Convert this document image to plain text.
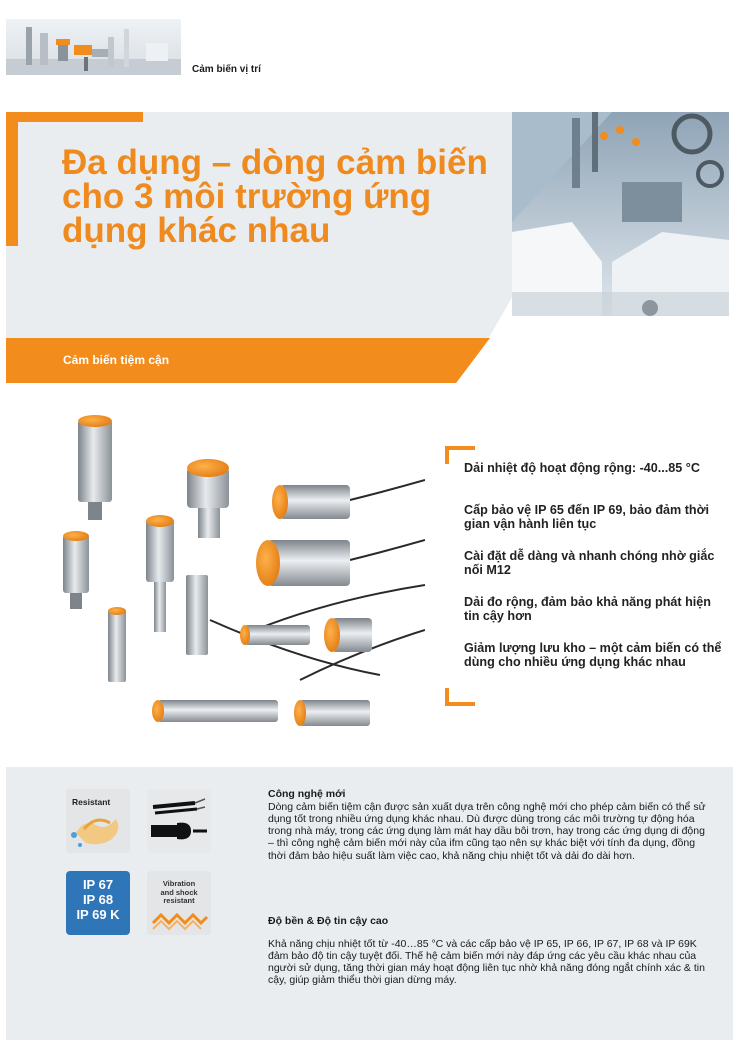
Cảm biến vị trí
Đa dụng – dòng cảm biến cho 3 môi trường ứng dụng khác nhau
Cảm biến tiệm cận
Dải nhiệt độ hoạt động rộng: -40...85 °C
Cấp bảo vệ IP 65 đến IP 69, bảo đảm thời gian vận hành liên tục
Cài đặt dễ dàng và nhanh chóng nhờ giắc nối M12
Dải đo rộng, đảm bảo khả năng phát hiện tin cậy hơn
Giảm lượng lưu kho – một cảm biến có thể dùng cho nhiều ứng dụng khác nhau
Resistant
IP 67
IP 68
IP 69 K
Vibration
and shock
resistant
Công nghệ mới
Dòng cảm biến tiệm cận được sản xuất dựa trên công nghệ mới cho phép cảm biến có thể sử dụng tốt trong nhiều ứng dụng khác nhau. Dù được dùng trong các môi trường tự động hóa trong nhà máy, trong các ứng dụng làm mát hay dầu bôi trơn, hay trong các ứng dụng di động – thì công nghệ cảm biến mới này của ifm cũng tạo nên sự khác biệt với tính đa dụng, đồng thời đảm bảo hiệu suất làm việc cao, khả năng chịu nhiệt tốt và dải đo dài hơn.
Độ bền & Độ tin cậy cao
Khả năng chịu nhiệt tốt từ -40…85 °C và các cấp bảo vệ IP 65, IP 66, IP 67, IP 68 và IP 69K đảm bảo độ tin cậy tuyệt đối. Thế hệ cảm biến mới này đáp ứng các yêu cầu khác nhau của người sử dụng, tăng thời gian máy hoạt động liên tục nhờ khả năng đóng ngắt chính xác & tin cậy, giúp giảm thiểu thời gian dừng máy.
